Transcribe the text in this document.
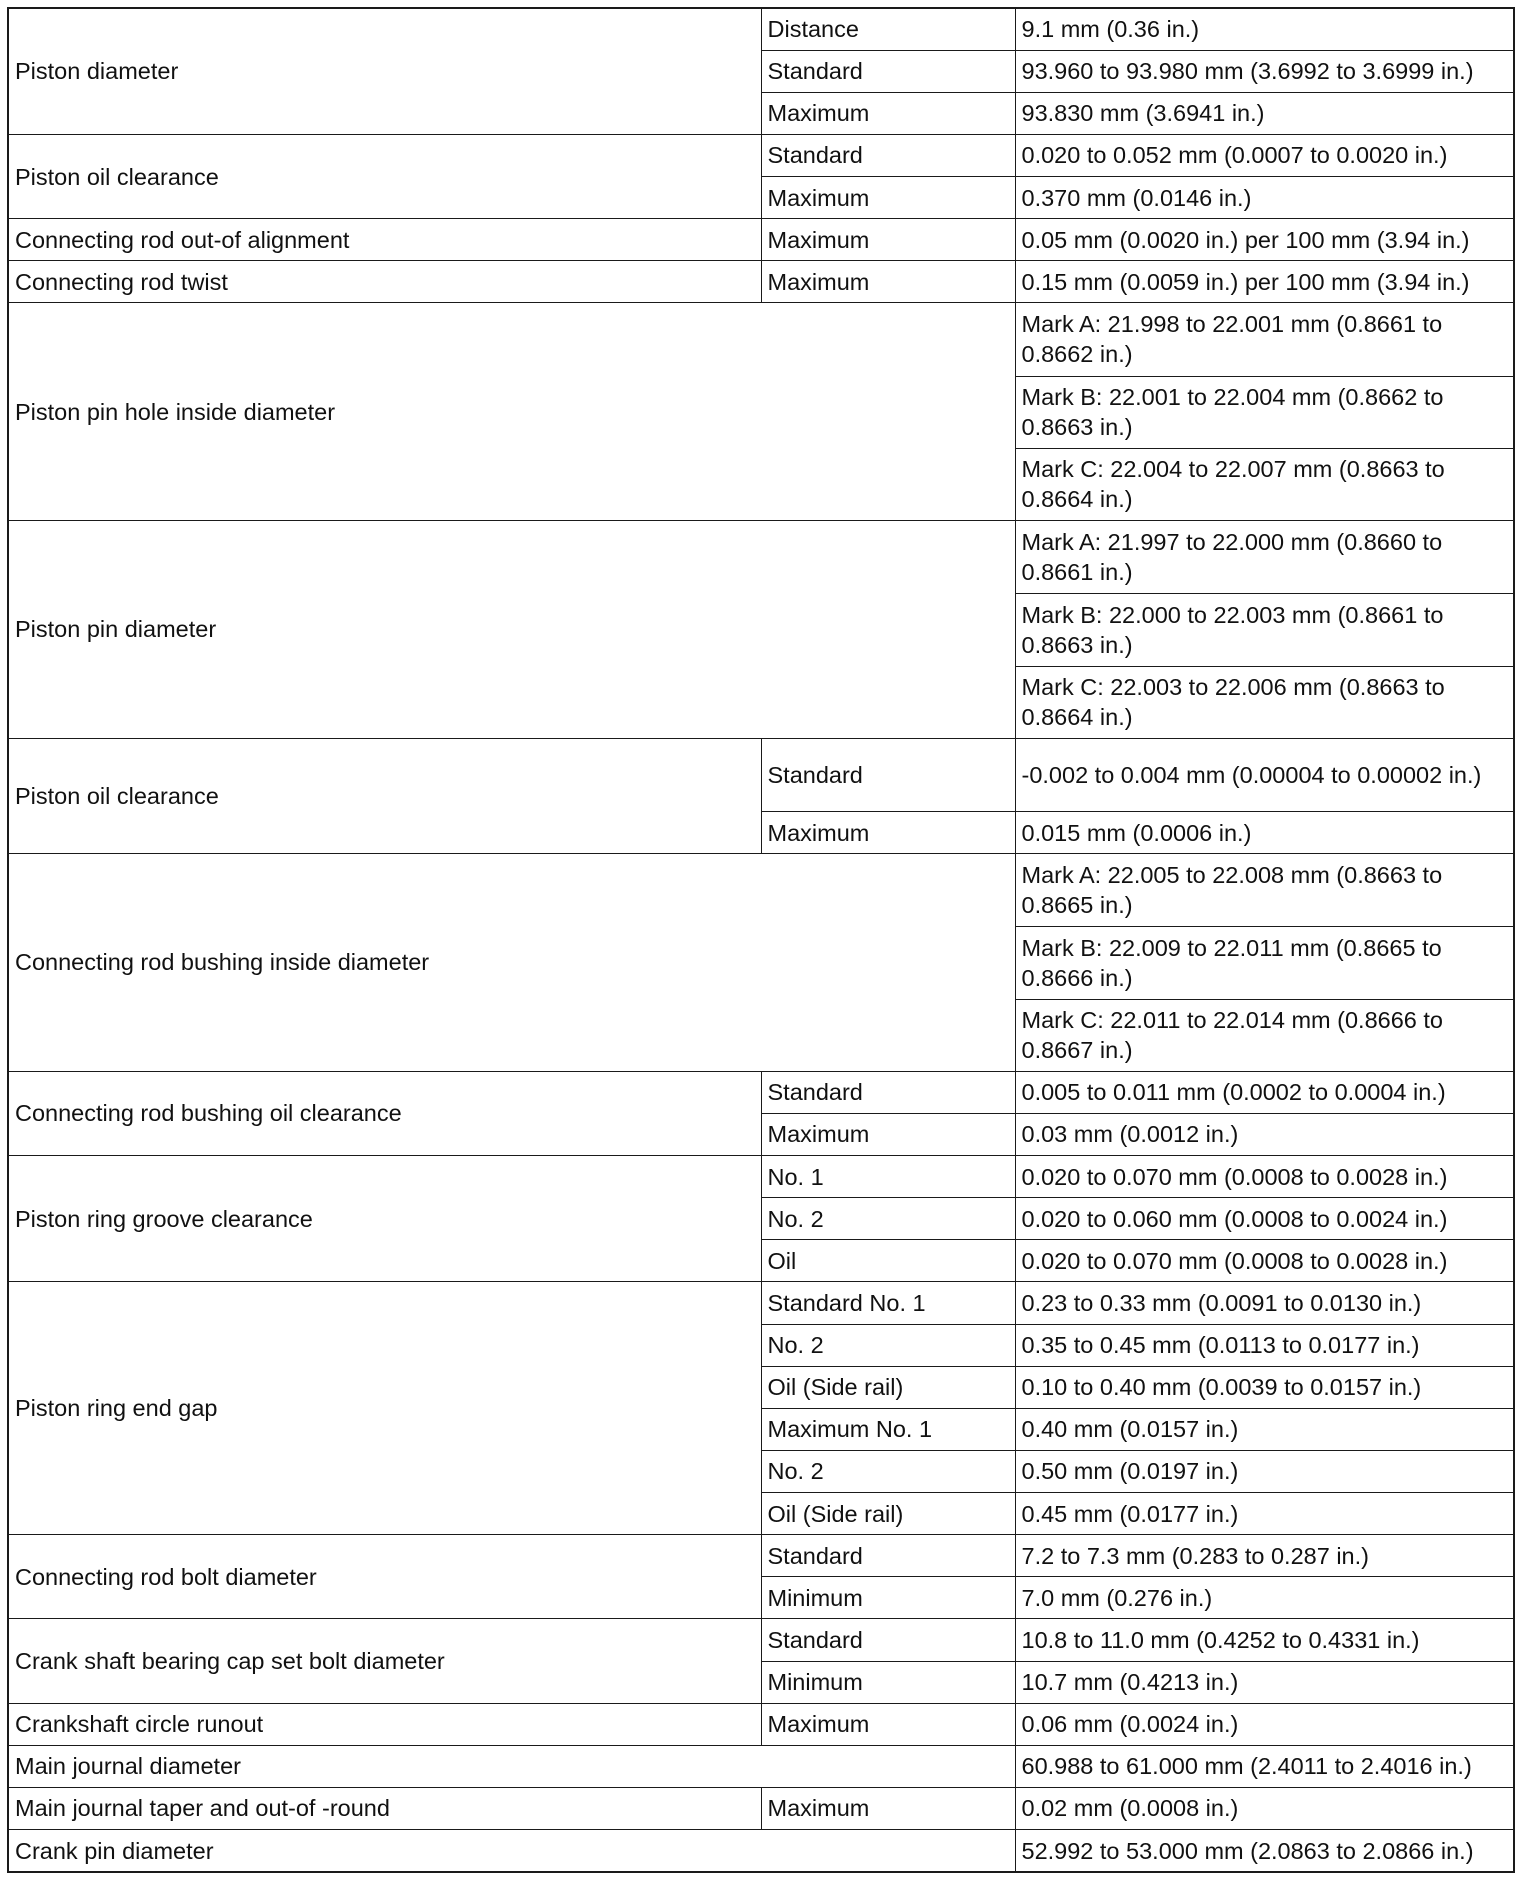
Piston diameter	Distance	9.1 mm (0.36 in.)
	Standard	93.960 to 93.980 mm (3.6992 to 3.6999 in.)
	Maximum	93.830 mm (3.6941 in.)
Piston oil clearance	Standard	0.020 to 0.052 mm (0.0007 to 0.0020 in.)
	Maximum	0.370 mm (0.0146 in.)
Connecting rod out-of alignment	Maximum	0.05 mm (0.0020 in.) per 100 mm (3.94 in.)
Connecting rod twist	Maximum	0.15 mm (0.0059 in.) per 100 mm (3.94 in.)
Piston pin hole inside diameter		Mark A: 21.998 to 22.001 mm (0.8661 to 0.8662 in.)
		Mark B: 22.001 to 22.004 mm (0.8662 to 0.8663 in.)
		Mark C: 22.004 to 22.007 mm (0.8663 to 0.8664 in.)
Piston pin diameter		Mark A: 21.997 to 22.000 mm (0.8660 to 0.8661 in.)
		Mark B: 22.000 to 22.003 mm (0.8661 to 0.8663 in.)
		Mark C: 22.003 to 22.006 mm (0.8663 to 0.8664 in.)
Piston oil clearance	Standard	-0.002 to 0.004 mm (0.00004 to 0.00002 in.)
	Maximum	0.015 mm (0.0006 in.)
Connecting rod bushing inside diameter		Mark A: 22.005 to 22.008 mm (0.8663 to 0.8665 in.)
		Mark B: 22.009 to 22.011 mm (0.8665 to 0.8666 in.)
		Mark C: 22.011 to 22.014 mm (0.8666 to 0.8667 in.)
Connecting rod bushing oil clearance	Standard	0.005 to 0.011 mm (0.0002 to 0.0004 in.)
	Maximum	0.03 mm (0.0012 in.)
Piston ring groove clearance	No. 1	0.020 to 0.070 mm (0.0008 to 0.0028 in.)
	No. 2	0.020 to 0.060 mm (0.0008 to 0.0024 in.)
	Oil	0.020 to 0.070 mm (0.0008 to 0.0028 in.)
Piston ring end gap	Standard No. 1	0.23 to 0.33 mm (0.0091 to 0.0130 in.)
	No. 2	0.35 to 0.45 mm (0.0113 to 0.0177 in.)
	Oil (Side rail)	0.10 to 0.40 mm (0.0039 to 0.0157 in.)
	Maximum No. 1	0.40 mm (0.0157 in.)
	No. 2	0.50 mm (0.0197 in.)
	Oil (Side rail)	0.45 mm (0.0177 in.)
Connecting rod bolt diameter	Standard	7.2 to 7.3 mm (0.283 to 0.287 in.)
	Minimum	7.0 mm (0.276 in.)
Crank shaft bearing cap set bolt diameter	Standard	10.8 to 11.0 mm (0.4252 to 0.4331 in.)
	Minimum	10.7 mm (0.4213 in.)
Crankshaft circle runout	Maximum	0.06 mm (0.0024 in.)
Main journal diameter		60.988 to 61.000 mm (2.4011 to 2.4016 in.)
Main journal taper and out-of -round	Maximum	0.02 mm (0.0008 in.)
Crank pin diameter		52.992 to 53.000 mm (2.0863 to 2.0866 in.)
